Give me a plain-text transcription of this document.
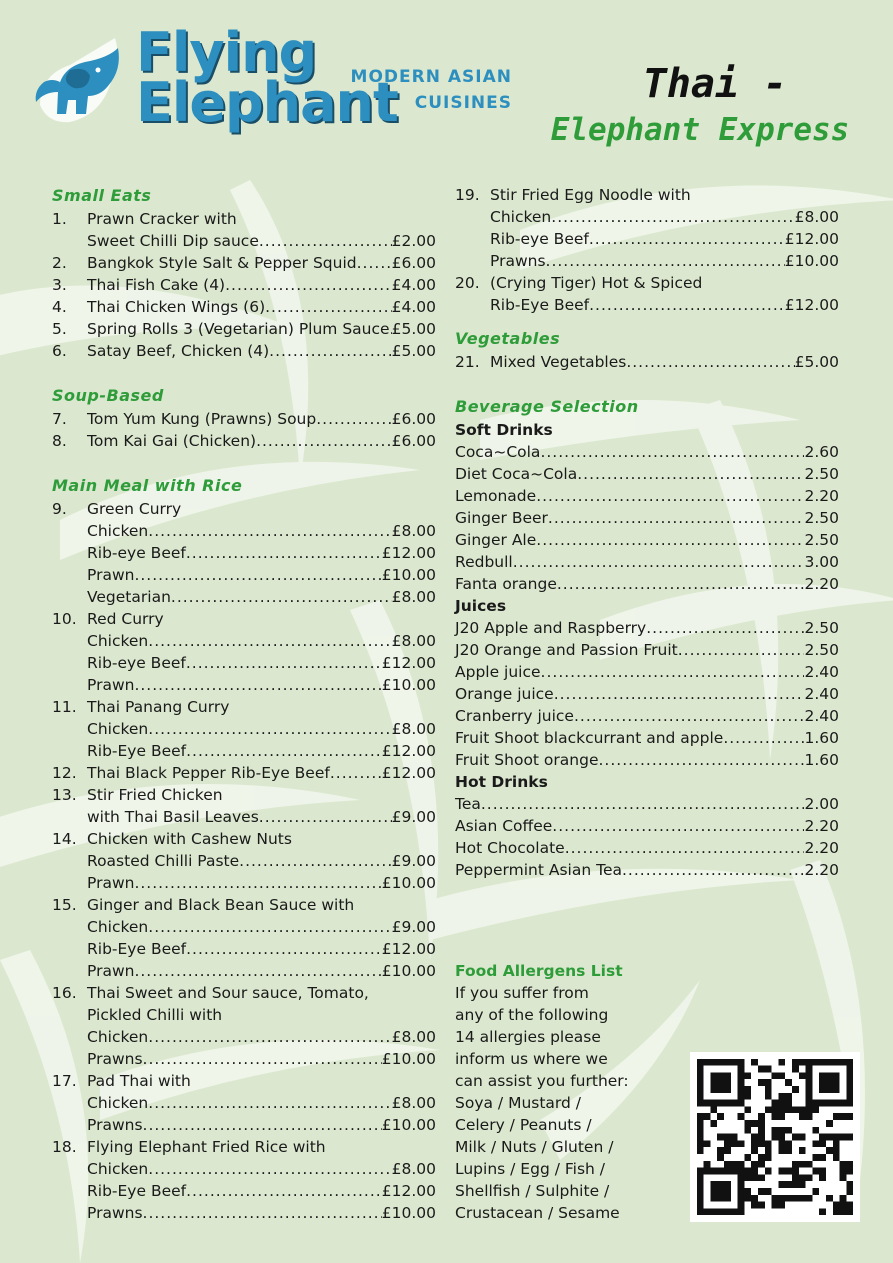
Flying
Elephant
MODERN ASIAN
CUISINES	Thai -
Elephant Express
Small Eats
1.	Prawn Cracker with
Sweet Chilli Dip sauce .....	£2.00
2.	Bangkok Style Salt & Pepper Squid ..... £6.00
3.	Thai Fish Cake (4) .....	£4.00
4.	Thai Chicken Wings (6) .....	£4.00
5.	Spring Rolls 3 (Vegetarian) Plum Sauce ..... £5.00
6.	Satay Beef, Chicken (4) .....	£5.00
Soup-Based
7.	Tom Yum Kung (Prawns) Soup .....	£6.00
8.	Tom Kai Gai (Chicken) .....	£6.00
Main Meal with Rice
9.	Green Curry
Chicken .....	£8.00
Rib-eye Beef .....	£12.00
Prawn .....	£10.00
Vegetarian .....	£8.00
10. Red Curry
Chicken .....	£8.00
Rib-eye Beef .....	£12.00
Prawn .....	£10.00
11. Thai Panang Curry
Chicken .....	£8.00
Rib-Eye Beef .....	£12.00
12. Thai Black Pepper Rib-Eye Beef .....	£12.00
13. Stir Fried Chicken
with Thai Basil Leaves .....	£9.00
14. Chicken with Cashew Nuts
Roasted Chilli Paste .....	£9.00
Prawn .....	£10.00
15. Ginger and Black Bean Sauce with
Chicken .....	£9.00
Rib-Eye Beef .....	£12.00
Prawn .....	£10.00
16. Thai Sweet and Sour sauce, Tomato,
Pickled Chilli with
Chicken .....	£8.00
Prawns .....	£10.00
17. Pad Thai with
Chicken .....	£8.00
Prawns .....	£10.00
18. Flying Elephant Fried Rice with
Chicken .....	£8.00
Rib-Eye Beef .....	£12.00
Prawns .....	£10.00
19. Stir Fried Egg Noodle with
Chicken .....	£8.00
Rib-eye Beef .....	£12.00
Prawns .....	£10.00
20. (Crying Tiger) Hot & Spiced
Rib-Eye Beef .....	£12.00
Vegetables
21. Mixed Vegetables .....	£5.00
Beverage Selection
Soft Drinks
Coca~Cola .....	2.60
Diet Coca~Cola .....	2.50
Lemonade .....	2.20
Ginger Beer .....	2.50
Ginger Ale .....	2.50
Redbull .....	3.00
Fanta orange .....	2.20
Juices
J20 Apple and Raspberry .....	2.50
J20 Orange and Passion Fruit .....	2.50
Apple juice .....	2.40
Orange juice .....	2.40
Cranberry juice .....	2.40
Fruit Shoot blackcurrant and apple .....	1.60
Fruit Shoot orange .....	1.60
Hot Drinks
Tea .....	2.00
Asian Coffee .....	2.20
Hot Chocolate .....	2.20
Peppermint Asian Tea .....	2.20
Food Allergens List
If you suffer from
any of the following
14 allergies please
inform us where we
can assist you further:
Soya / Mustard /
Celery / Peanuts /
Milk / Nuts / Gluten /
Lupins / Egg / Fish /
Shellfish / Sulphite /
Crustacean / Sesame
